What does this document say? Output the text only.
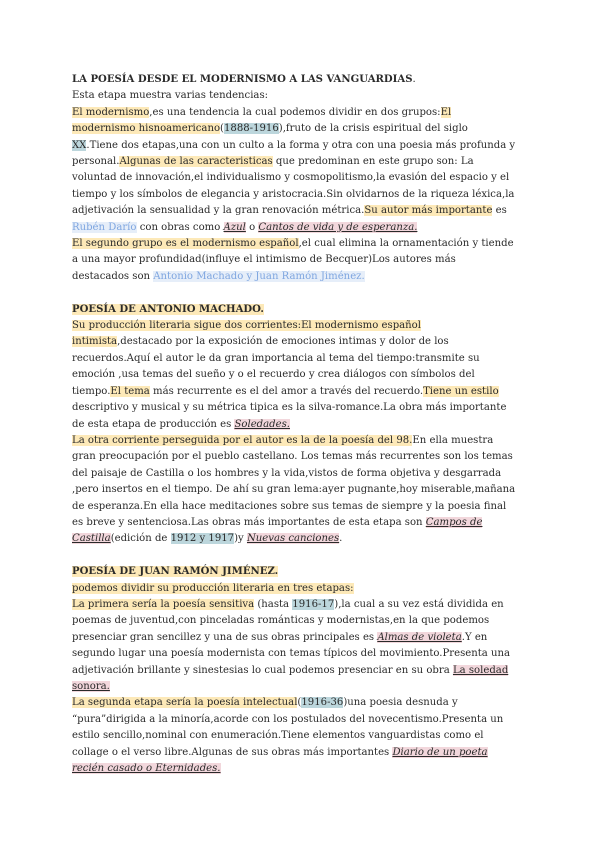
LA POESÍA DESDE EL MODERNISMO A LAS VANGUARDIAS.

Esta etapa muestra varias tendencias:

El modernismo,es una tendencia la cual podemos dividir en dos grupos:El modernismo hisnoamericano(1888-1916),fruto de la crisis espiritual del siglo XX.Tiene dos etapas,una con un culto a la forma y otra con una poesia más profunda y personal.Algunas de las caracteristicas que predominan en este grupo son: La voluntad de innovación,el individualismo y cosmopolitismo,la evasión del espacio y el tiempo y los símbolos de elegancia y aristocracia.Sin olvidarnos de la riqueza léxica,la adjetivación la sensualidad y la gran renovación métrica.Su autor más importante es Rubén Darío con obras como Azul o Cantos de vida y de esperanza.

El segundo grupo es el modernismo español,el cual elimina la ornamentación y tiende a una mayor profundidad(influye el intimismo de Becquer)Los autores más destacados son Antonio Machado y Juan Ramón Jiménez.

POESÍA DE ANTONIO MACHADO.

Su producción literaria sigue dos corrientes:El modernismo español intimista,destacado por la exposición de emociones intimas y dolor de los recuerdos.Aquí el autor le da gran importancia al tema del tiempo:transmite su emoción ,usa temas del sueño y o el recuerdo y crea diálogos con símbolos del tiempo.El tema más recurrente es el del amor a través del recuerdo.Tiene un estilo descriptivo y musical y su métrica tipica es la silva-romance.La obra más importante de esta etapa de producción es Soledades.

La otra corriente perseguida por el autor es la de la poesía del 98.En ella muestra gran preocupación por el pueblo castellano. Los temas más recurrentes son los temas del paisaje de Castilla o los hombres y la vida,vistos de forma objetiva y desgarrada ,pero insertos en el tiempo. De ahí su gran lema:ayer pugnante,hoy miserable,mañana de esperanza.En ella hace meditaciones sobre sus temas de siempre y la poesia final es breve y sentenciosa.Las obras más importantes de esta etapa son Campos de Castilla(edición de 1912 y 1917)y Nuevas canciones.

POESÍA DE JUAN RAMÓN JIMÉNEZ.

podemos dividir su producción literaria en tres etapas:

La primera sería la poesía sensitiva (hasta 1916-17),la cual a su vez está dividida en poemas de juventud,con pinceladas románticas y modernistas,en la que podemos presenciar gran sencillez y una de sus obras principales es Almas de violeta.Y en segundo lugar una poesía modernista con temas típicos del movimiento.Presenta una adjetivación brillante y sinestesias lo cual podemos presenciar en su obra La soledad sonora.

La segunda etapa sería la poesía intelectual(1916-36)una poesia desnuda y “pura”dirigida a la minoría,acorde con los postulados del novecentismo.Presenta un estilo sencillo,nominal con enumeración.Tiene elementos vanguardistas como el collage o el verso libre.Algunas de sus obras más importantes Diario de un poeta recién casado o Eternidades.
